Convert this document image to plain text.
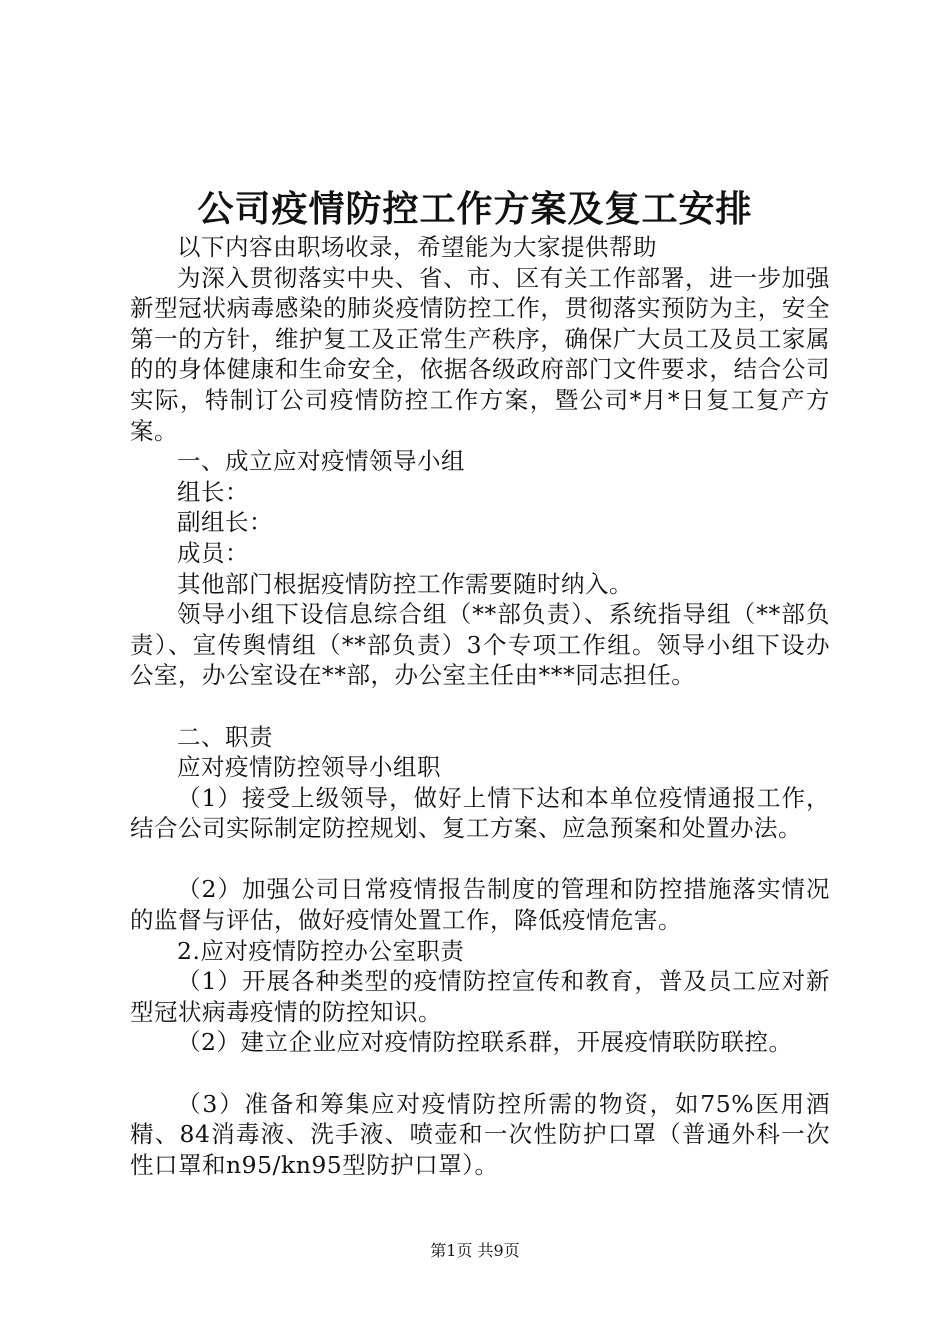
公司疫情防控工作方案及复工安排

以下内容由职场收录，希望能为大家提供帮助

为深入贯彻落实中央、省、市、区有关工作部署，进一步加强新型冠状病毒感染的肺炎疫情防控工作，贯彻落实预防为主，安全第一的方针，维护复工及正常生产秩序，确保广大员工及员工家属的的身体健康和生命安全，依据各级政府部门文件要求，结合公司实际，特制订公司疫情防控工作方案，暨公司*月*日复工复产方案。

一、成立应对疫情领导小组

组长：

副组长：

成员：

其他部门根据疫情防控工作需要随时纳入。

领导小组下设信息综合组（**部负责）、系统指导组（**部负责）、宣传舆情组（**部负责）3个专项工作组。领导小组下设办公室，办公室设在**部，办公室主任由***同志担任。

二、职责

应对疫情防控领导小组职

（1）接受上级领导，做好上情下达和本单位疫情通报工作，结合公司实际制定防控规划、复工方案、应急预案和处置办法。

（2）加强公司日常疫情报告制度的管理和防控措施落实情况的监督与评估，做好疫情处置工作，降低疫情危害。

2.应对疫情防控办公室职责

（1）开展各种类型的疫情防控宣传和教育，普及员工应对新型冠状病毒疫情的防控知识。

（2）建立企业应对疫情防控联系群，开展疫情联防联控。

（3）准备和筹集应对疫情防控所需的物资，如75%医用酒精、84消毒液、洗手液、喷壶和一次性防护口罩（普通外科一次性口罩和n95/kn95型防护口罩）。

第1页 共9页
